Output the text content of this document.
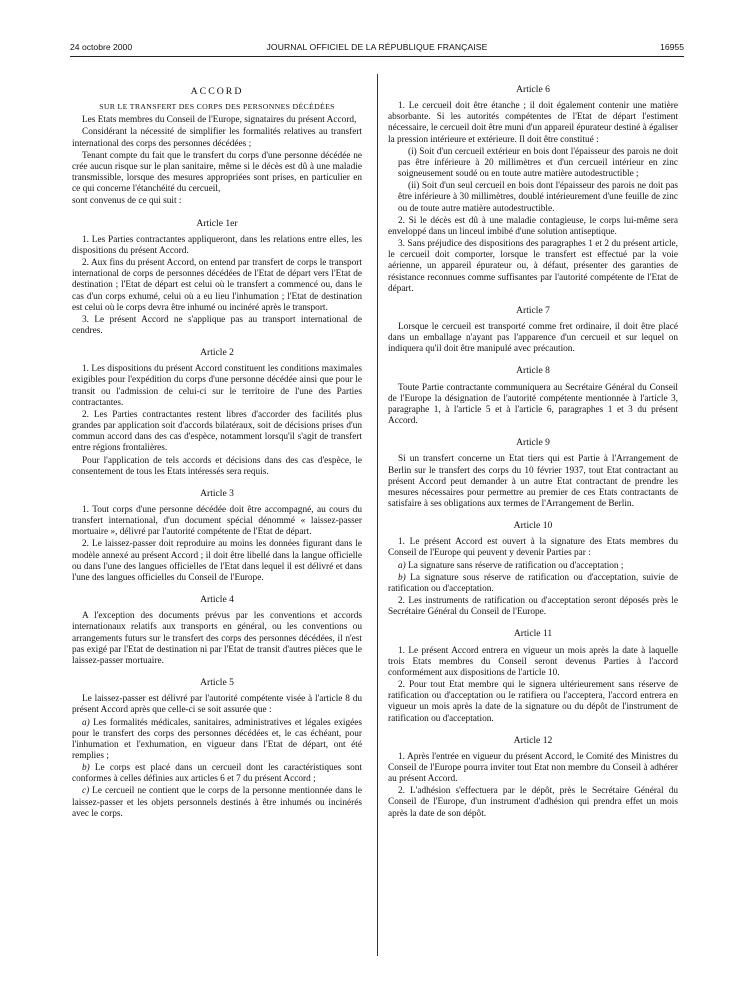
24 octobre 2000	JOURNAL OFFICIEL DE LA RÉPUBLIQUE FRANÇAISE	16955
ACCORD
SUR LE TRANSFERT DES CORPS DES PERSONNES DÉCÉDÉES

Les Etats membres du Conseil de l'Europe, signataires du présent Accord,

Considérant la nécessité de simplifier les formalités relatives au transfert international des corps des personnes décédées ;

Tenant compte du fait que le transfert du corps d'une personne décédée ne crée aucun risque sur le plan sanitaire, même si le décès est dû à une maladie transmissible, lorsque des mesures appropriées sont prises, en particulier en ce qui concerne l'étanchéité du cercueil,

sont convenus de ce qui suit :

Article 1er

1. Les Parties contractantes appliqueront, dans les relations entre elles, les dispositions du présent Accord.

2. Aux fins du présent Accord, on entend par transfert de corps le transport international de corps de personnes décédées de l'Etat de départ vers l'Etat de destination ; l'Etat de départ est celui où le transfert a commencé ou, dans le cas d'un corps exhumé, celui où a eu lieu l'inhumation ; l'Etat de destination est celui où le corps devra être inhumé ou incinéré après le transport.

3. Le présent Accord ne s'applique pas au transport international de cendres.

Article 2

1. Les dispositions du présent Accord constituent les conditions maximales exigibles pour l'expédition du corps d'une personne décédée ainsi que pour le transit ou l'admission de celui-ci sur le territoire de l'une des Parties contractantes.

2. Les Parties contractantes restent libres d'accorder des facilités plus grandes par application soit d'accords bilatéraux, soit de décisions prises d'un commun accord dans des cas d'espèce, notamment lorsqu'il s'agit de transfert entre régions frontalières.

Pour l'application de tels accords et décisions dans des cas d'espèce, le consentement de tous les Etats intéressés sera requis.

Article 3

1. Tout corps d'une personne décédée doit être accompagné, au cours du transfert international, d'un document spécial dénommé « laissez-passer mortuaire », délivré par l'autorité compétente de l'Etat de départ.

2. Le laissez-passer doit reproduire au moins les données figurant dans le modèle annexé au présent Accord ; il doit être libellé dans la langue officielle ou dans l'une des langues officielles de l'Etat dans lequel il est délivré et dans l'une des langues officielles du Conseil de l'Europe.

Article 4

A l'exception des documents prévus par les conventions et accords internationaux relatifs aux transports en général, ou les conventions ou arrangements futurs sur le transfert des corps des personnes décédées, il n'est pas exigé par l'Etat de destination ni par l'Etat de transit d'autres pièces que le laissez-passer mortuaire.

Article 5

Le laissez-passer est délivré par l'autorité compétente visée à l'article 8 du présent Accord après que celle-ci se soit assurée que :

a) Les formalités médicales, sanitaires, administratives et légales exigées pour le transfert des corps des personnes décédées et, le cas échéant, pour l'inhumation et l'exhumation, en vigueur dans l'Etat de départ, ont été remplies ;

b) Le corps est placé dans un cercueil dont les caractéristiques sont conformes à celles définies aux articles 6 et 7 du présent Accord ;

c) Le cercueil ne contient que le corps de la personne mentionnée dans le laissez-passer et les objets personnels destinés à être inhumés ou incinérés avec le corps.

Article 6

1. Le cercueil doit être étanche ; il doit également contenir une matière absorbante. Si les autorités compétentes de l'Etat de départ l'estiment nécessaire, le cercueil doit être muni d'un appareil épurateur destiné à égaliser la pression intérieure et extérieure. Il doit être constitué :

(i) Soit d'un cercueil extérieur en bois dont l'épaisseur des parois ne doit pas être inférieure à 20 millimètres et d'un cercueil intérieur en zinc soigneusement soudé ou en toute autre matière autodestructible ;

(ii) Soit d'un seul cercueil en bois dont l'épaisseur des parois ne doit pas être inférieure à 30 millimètres, doublé intérieurement d'une feuille de zinc ou de toute autre matière autodestructible.

2. Si le décès est dû à une maladie contagieuse, le corps lui-même sera enveloppé dans un linceul imbibé d'une solution antiseptique.

3. Sans préjudice des dispositions des paragraphes 1 et 2 du présent article, le cercueil doit comporter, lorsque le transfert est effectué par la voie aérienne, un appareil épurateur ou, à défaut, présenter des garanties de résistance reconnues comme suffisantes par l'autorité compétente de l'Etat de départ.

Article 7

Lorsque le cercueil est transporté comme fret ordinaire, il doit être placé dans un emballage n'ayant pas l'apparence d'un cercueil et sur lequel on indiquera qu'il doit être manipulé avec précaution.

Article 8

Toute Partie contractante communiquera au Secrétaire Général du Conseil de l'Europe la désignation de l'autorité compétente mentionnée à l'article 3, paragraphe 1, à l'article 5 et à l'article 6, paragraphes 1 et 3 du présent Accord.

Article 9

Si un transfert concerne un Etat tiers qui est Partie à l'Arrangement de Berlin sur le transfert des corps du 10 février 1937, tout Etat contractant au présent Accord peut demander à un autre Etat contractant de prendre les mesures nécessaires pour permettre au premier de ces Etats contractants de satisfaire à ses obligations aux termes de l'Arrangement de Berlin.

Article 10

1. Le présent Accord est ouvert à la signature des Etats membres du Conseil de l'Europe qui peuvent y devenir Parties par :

a) La signature sans réserve de ratification ou d'acceptation ;

b) La signature sous réserve de ratification ou d'acceptation, suivie de ratification ou d'acceptation.

2. Les instruments de ratification ou d'acceptation seront déposés près le Secrétaire Général du Conseil de l'Europe.

Article 11

1. Le présent Accord entrera en vigueur un mois après la date à laquelle trois Etats membres du Conseil seront devenus Parties à l'accord conformément aux dispositions de l'article 10.

2. Pour tout Etat membre qui le signera ultérieurement sans réserve de ratification ou d'acceptation ou le ratifiera ou l'acceptera, l'accord entrera en vigueur un mois après la date de la signature ou du dépôt de l'instrument de ratification ou d'acceptation.

Article 12

1. Après l'entrée en vigueur du présent Accord, le Comité des Ministres du Conseil de l'Europe pourra inviter tout Etat non membre du Conseil à adhérer au présent Accord.

2. L'adhésion s'effectuera par le dépôt, près le Secrétaire Général du Conseil de l'Europe, d'un instrument d'adhésion qui prendra effet un mois après la date de son dépôt.
